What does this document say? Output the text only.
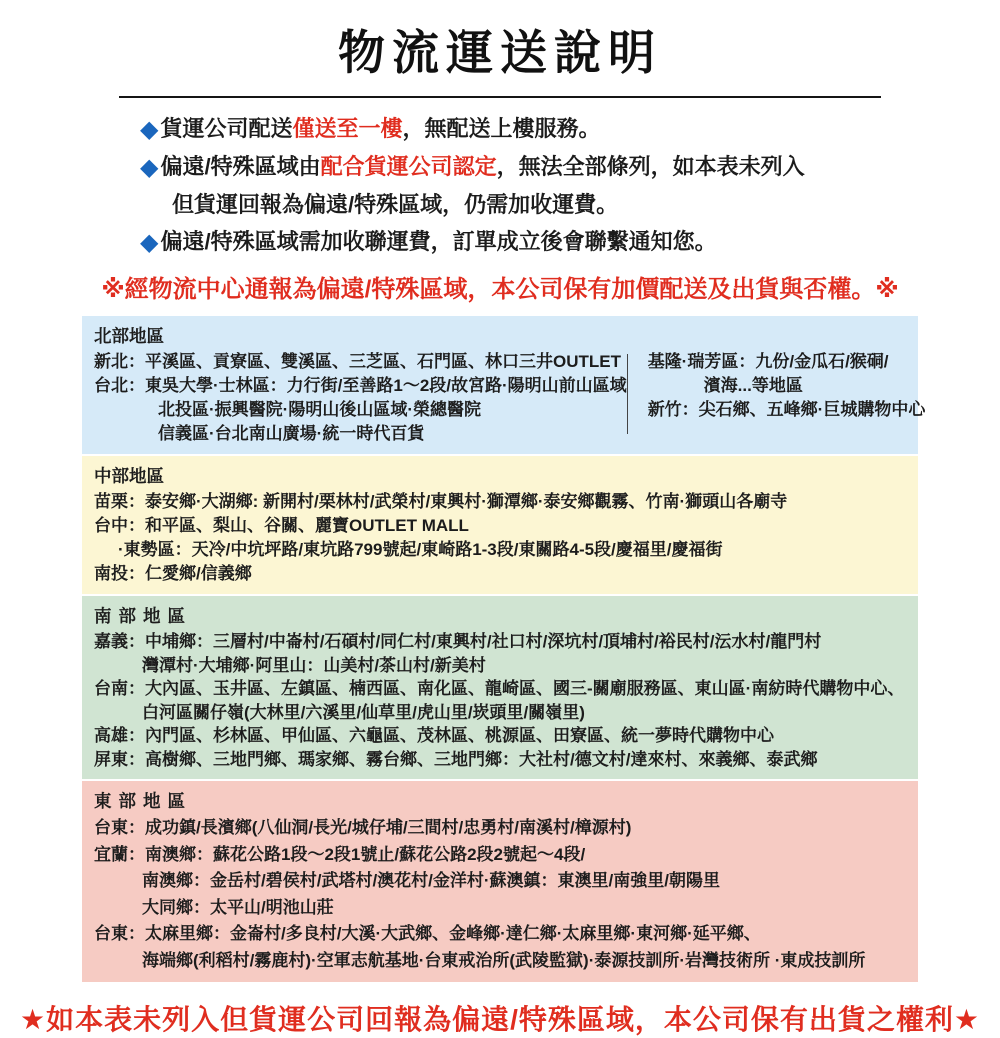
物流運送說明
◆貨運公司配送僅送至一樓，無配送上樓服務。
◆偏遠/特殊區域由配合貨運公司認定，無法全部條列，如本表未列入
但貨運回報為偏遠/特殊區域，仍需加收運費。
◆偏遠/特殊區域需加收聯運費，訂單成立後會聯繫通知您。
※經物流中心通報為偏遠/特殊區域，本公司保有加價配送及出貨與否權。※
北部地區
新北：平溪區、貢寮區、雙溪區、三芝區、石門區、林口三井OUTLET
台北：東吳大學·士林區：力行街/至善路1～2段/故宮路·陽明山前山區域
北投區·振興醫院·陽明山後山區域·榮總醫院
信義區·台北南山廣場·統一時代百貨
基隆·瑞芳區：九份/金瓜石/猴硐/
濱海...等地區
新竹：尖石鄉、五峰鄉·巨城購物中心
中部地區
苗栗：泰安鄉·大湖鄉: 新開村/栗林村/武榮村/東興村·獅潭鄉·泰安鄉觀霧、竹南·獅頭山各廟寺
台中：和平區、梨山、谷關、麗寶OUTLET MALL
·東勢區：天冷/中坑坪路/東坑路799號起/東崎路1-3段/東關路4-5段/慶福里/慶福街
南投：仁愛鄉/信義鄉
南部地區
嘉義：中埔鄉：三層村/中崙村/石碩村/同仁村/東興村/社口村/深坑村/頂埔村/裕民村/沄水村/龍門村
灣潭村·大埔鄉·阿里山：山美村/茶山村/新美村
台南：大內區、玉井區、左鎮區、楠西區、南化區、龍崎區、國三-關廟服務區、東山區·南紡時代購物中心、
白河區關仔嶺(大林里/六溪里/仙草里/虎山里/崁頭里/關嶺里)
高雄：內門區、杉林區、甲仙區、六龜區、茂林區、桃源區、田寮區、統一夢時代購物中心
屏東：高樹鄉、三地門鄉、瑪家鄉、霧台鄉、三地門鄉：大社村/德文村/達來村、來義鄉、泰武鄉
東部地區
台東：成功鎮/長濱鄉(八仙洞/長光/城仔埔/三間村/忠勇村/南溪村/樟源村)
宜蘭：南澳鄉：蘇花公路1段～2段1號止/蘇花公路2段2號起～4段/
南澳鄉：金岳村/碧侯村/武塔村/澳花村/金洋村·蘇澳鎮：東澳里/南強里/朝陽里
大同鄉：太平山/明池山莊
台東：太麻里鄉：金崙村/多良村/大溪·大武鄉、金峰鄉·達仁鄉·太麻里鄉·東河鄉·延平鄉、
海端鄉(利稻村/霧鹿村)·空軍志航基地·台東戒治所(武陵監獄)·泰源技訓所·岩灣技術所 ·東成技訓所
★如本表未列入但貨運公司回報為偏遠/特殊區域，本公司保有出貨之權利★
